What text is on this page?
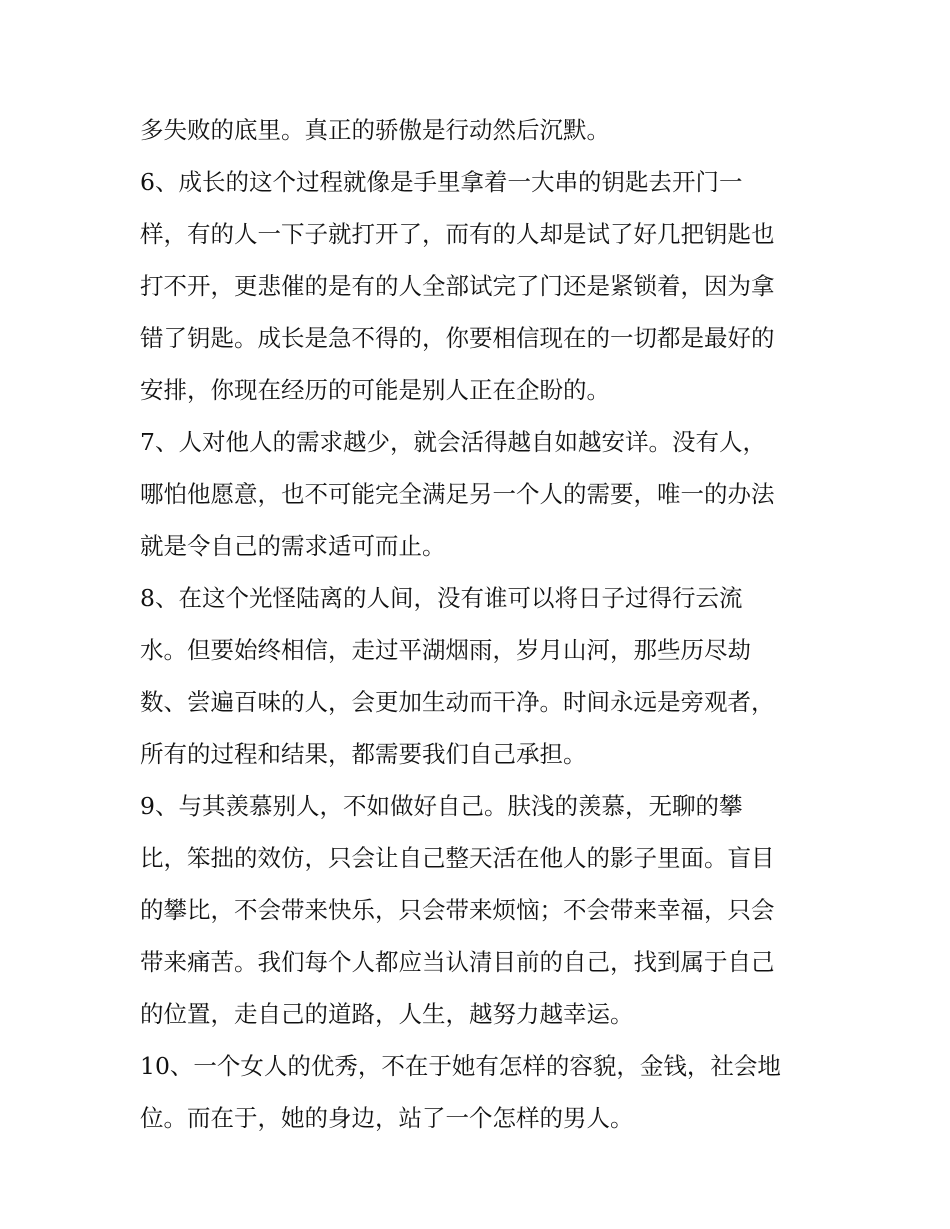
多失败的底里。真正的骄傲是行动然后沉默。
6、成长的这个过程就像是手里拿着一大串的钥匙去开门一
样，有的人一下子就打开了，而有的人却是试了好几把钥匙也
打不开，更悲催的是有的人全部试完了门还是紧锁着，因为拿
错了钥匙。成长是急不得的，你要相信现在的一切都是最好的
安排，你现在经历的可能是别人正在企盼的。
7、人对他人的需求越少，就会活得越自如越安详。没有人，
哪怕他愿意，也不可能完全满足另一个人的需要，唯一的办法
就是令自己的需求适可而止。
8、在这个光怪陆离的人间，没有谁可以将日子过得行云流
水。但要始终相信，走过平湖烟雨，岁月山河，那些历尽劫
数、尝遍百味的人，会更加生动而干净。时间永远是旁观者，
所有的过程和结果，都需要我们自己承担。
9、与其羡慕别人，不如做好自己。肤浅的羡慕，无聊的攀
比，笨拙的效仿，只会让自己整天活在他人的影子里面。盲目
的攀比，不会带来快乐，只会带来烦恼；不会带来幸福，只会
带来痛苦。我们每个人都应当认清目前的自己，找到属于自己
的位置，走自己的道路，人生，越努力越幸运。
10、一个女人的优秀，不在于她有怎样的容貌，金钱，社会地
位。而在于，她的身边，站了一个怎样的男人。
